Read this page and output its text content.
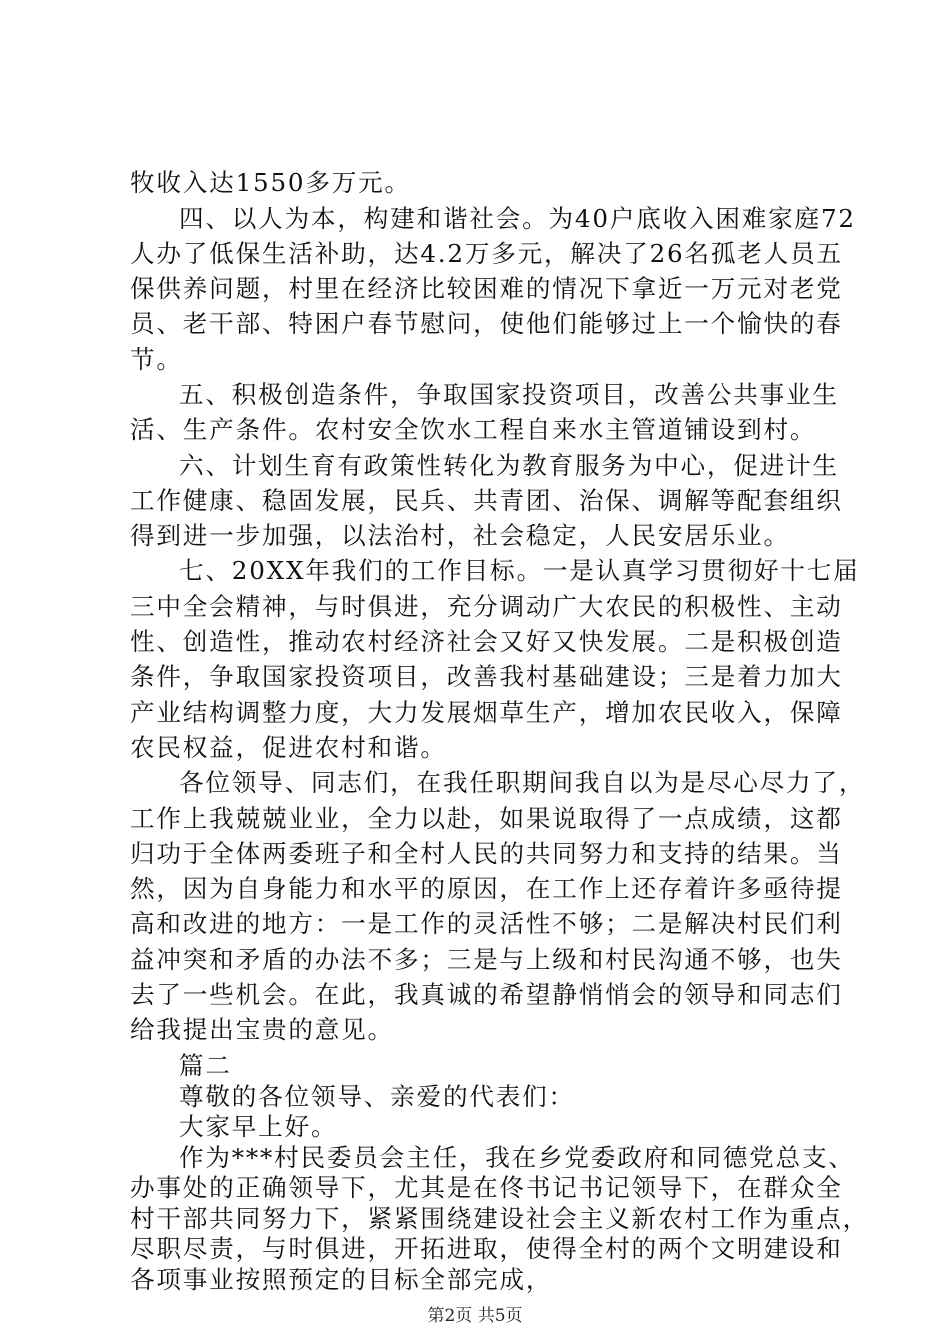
牧收入达1550多万元。
四、以人为本，构建和谐社会。为40户底收入困难家庭72
人办了低保生活补助，达4.2万多元，解决了26名孤老人员五
保供养问题，村里在经济比较困难的情况下拿近一万元对老党
员、老干部、特困户春节慰问，使他们能够过上一个愉快的春
节。
五、积极创造条件，争取国家投资项目，改善公共事业生
活、生产条件。农村安全饮水工程自来水主管道铺设到村。
六、计划生育有政策性转化为教育服务为中心，促进计生
工作健康、稳固发展，民兵、共青团、治保、调解等配套组织
得到进一步加强，以法治村，社会稳定，人民安居乐业。
七、20XX年我们的工作目标。一是认真学习贯彻好十七届
三中全会精神，与时俱进，充分调动广大农民的积极性、主动
性、创造性，推动农村经济社会又好又快发展。二是积极创造
条件，争取国家投资项目，改善我村基础建设；三是着力加大
产业结构调整力度，大力发展烟草生产，增加农民收入，保障
农民权益，促进农村和谐。
各位领导、同志们，在我任职期间我自以为是尽心尽力了，
工作上我兢兢业业，全力以赴，如果说取得了一点成绩，这都
归功于全体两委班子和全村人民的共同努力和支持的结果。当
然，因为自身能力和水平的原因，在工作上还存着许多亟待提
高和改进的地方：一是工作的灵活性不够；二是解决村民们利
益冲突和矛盾的办法不多；三是与上级和村民沟通不够，也失
去了一些机会。在此，我真诚的希望静悄悄会的领导和同志们
给我提出宝贵的意见。
篇二
尊敬的各位领导、亲爱的代表们：
大家早上好。
作为***村民委员会主任，我在乡党委政府和同德党总支、
办事处的正确领导下，尤其是在佟书记书记领导下，在群众全
村干部共同努力下，紧紧围绕建设社会主义新农村工作为重点，
尽职尽责，与时俱进，开拓进取，使得全村的两个文明建设和
各项事业按照预定的目标全部完成，
第2页 共5页
